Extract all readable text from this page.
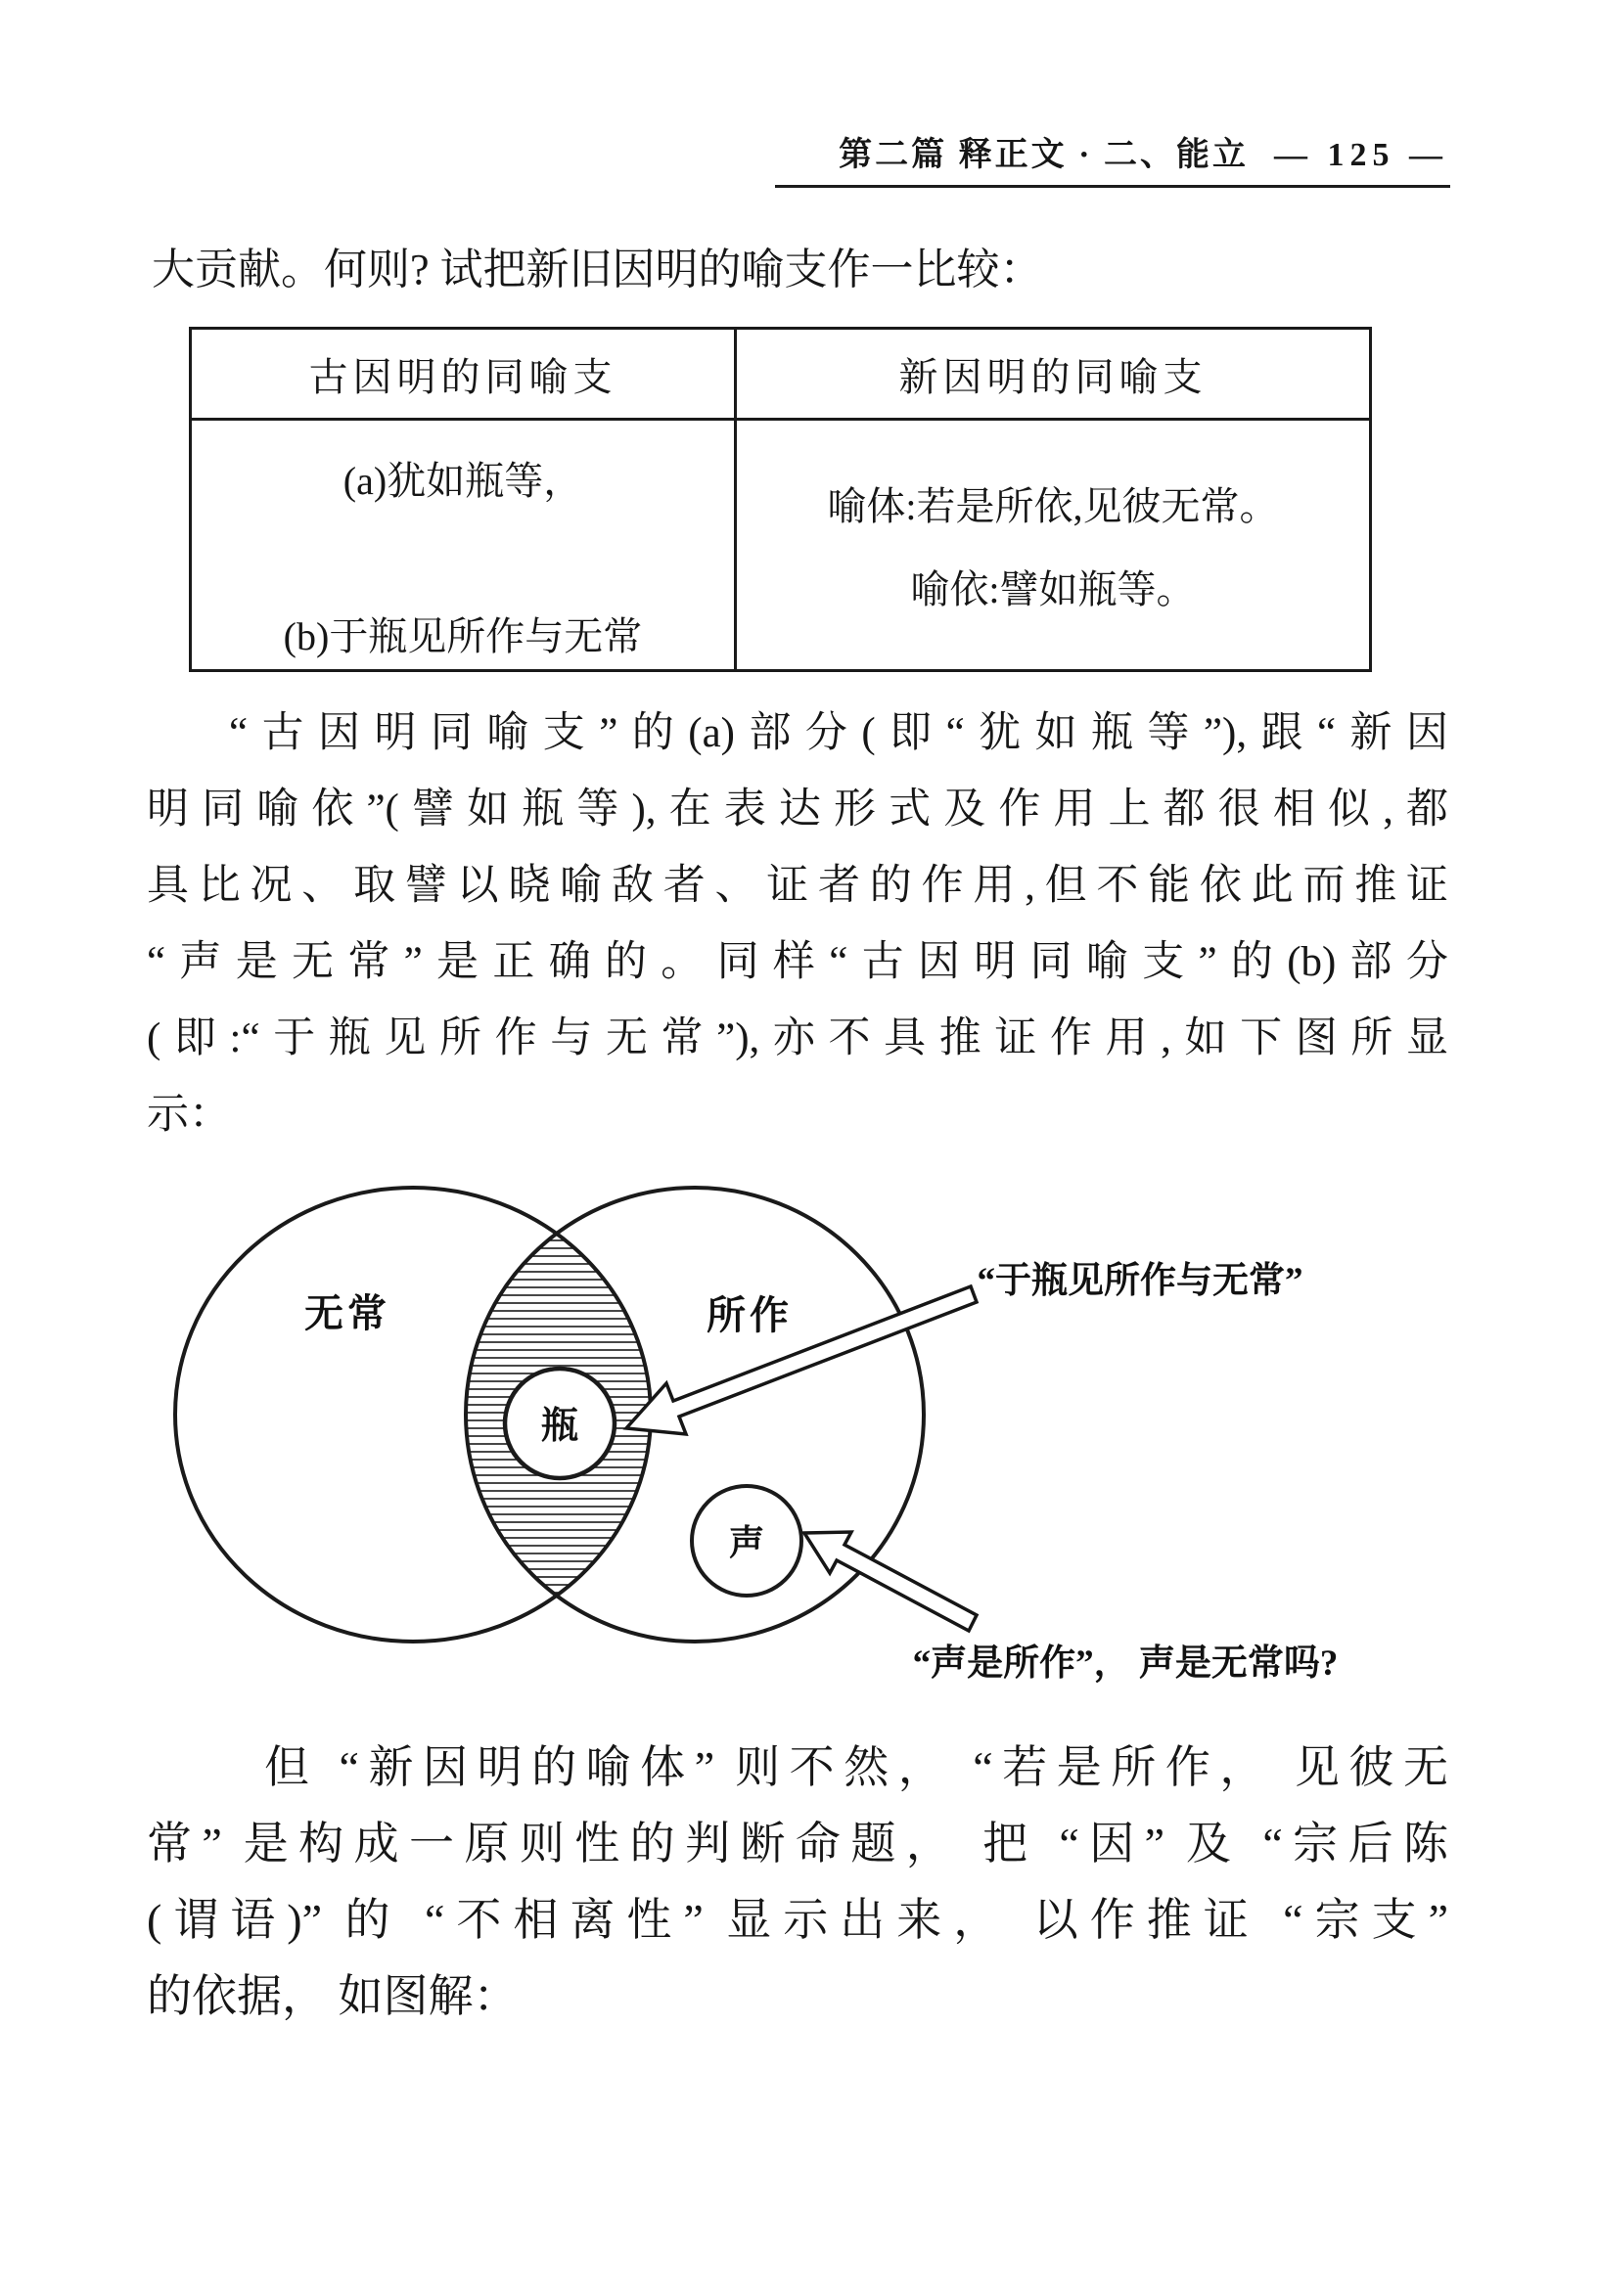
第二篇 释正文 · 二、能立 — 125 —
大贡献。何则? 试把新旧因明的喻支作一比较：
古因明的同喻支	新因明的同喻支
(a)犹如瓶等，
(b)于瓶见所作与无常
喻体:若是所依,见彼无常。
喻依:譬如瓶等。
“古因明同喻支”的(a)部分(即“犹如瓶等”),跟“新因
明同喻依”(譬如瓶等),在表达形式及作用上都很相似,都
具比况、取譬以晓喻敌者、证者的作用,但不能依此而推证
“声是无常”是正确的。同样“古因明同喻支”的(b)部分
(即:“于瓶见所作与无常”),亦不具推证作用,如下图所显
示：
无常	所作
瓶
声
“于瓶见所作与无常”
“声是所作”， 声是无常吗?
但 “新因明的喻体” 则不然， “若是所作， 见彼无
常” 是构成一原则性的判断命题， 把 “因” 及 “宗后陈
(谓语)” 的 “不相离性” 显示出来， 以作推证 “宗支”
的依据， 如图解：
